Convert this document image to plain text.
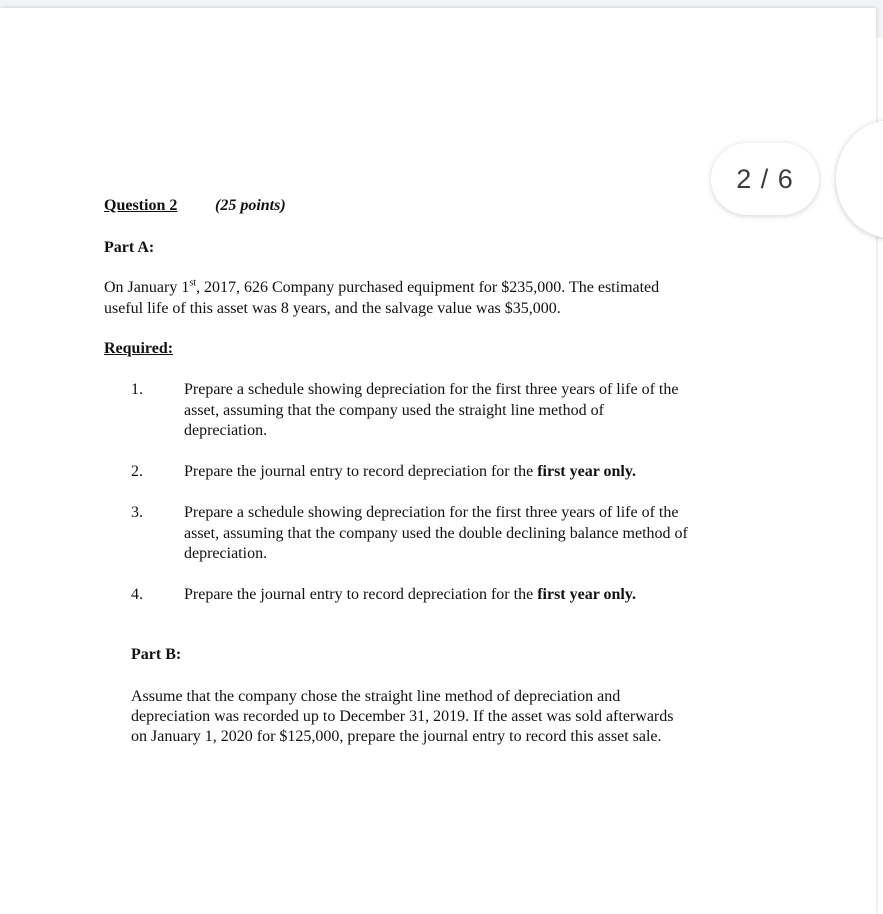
Question 2 (25 points)
Part A:
On January 1st, 2017, 626 Company purchased equipment for $235,000. The estimated
useful life of this asset was 8 years, and the salvage value was $35,000.
Required:
1.	Prepare a schedule showing depreciation for the first three years of life of the
asset, assuming that the company used the straight line method of
depreciation.
2.	Prepare the journal entry to record depreciation for the first year only.
3.	Prepare a schedule showing depreciation for the first three years of life of the
asset, assuming that the company used the double declining balance method of
depreciation.
4.	Prepare the journal entry to record depreciation for the first year only.
Part B:
Assume that the company chose the straight line method of depreciation and
depreciation was recorded up to December 31, 2019. If the asset was sold afterwards
on January 1, 2020 for $125,000, prepare the journal entry to record this asset sale.
2 / 6
